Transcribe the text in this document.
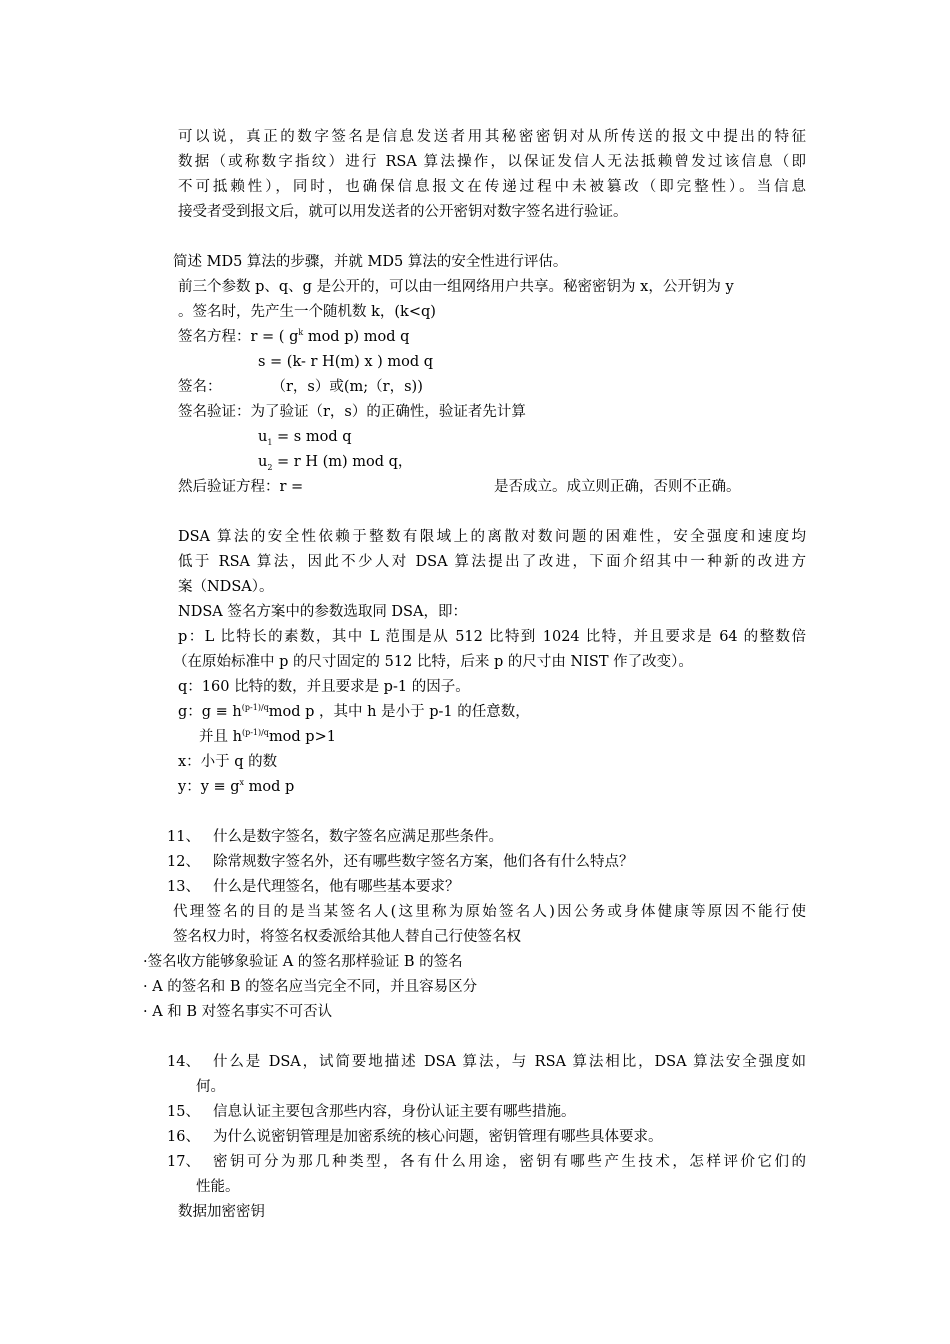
可以说，真正的数字签名是信息发送者用其秘密密钥对从所传送的报文中提出的特征
数据（或称数字指纹）进行 RSA 算法操作，以保证发信人无法抵赖曾发过该信息（即
不可抵赖性），同时，也确保信息报文在传递过程中未被篡改（即完整性）。当信息
接受者受到报文后，就可以用发送者的公开密钥对数字签名进行验证。
简述 MD5 算法的步骤，并就 MD5 算法的安全性进行评估。
前三个参数 p、q、g 是公开的，可以由一组网络用户共享。秘密密钥为 x，公开钥为 y
。签名时，先产生一个随机数 k，(k<q)
签名方程：r = ( $g^k$ mod p) mod q
s = (k- r H(m) x ) mod q
签名：	（r，s）或(m;（r，s))
签名验证：为了验证（r，s）的正确性，验证者先计算
$u_1 = s$ mod q
$u_2 = r$ H (m) mod q，
然后验证方程：r =	是否成立。成立则正确，否则不正确。
DSA 算法的安全性依赖于整数有限域上的离散对数问题的困难性，安全强度和速度均
低于 RSA 算法，因此不少人对 DSA 算法提出了改进，下面介绍其中一种新的改进方
案（NDSA）。
NDSA 签名方案中的参数选取同 DSA，即：
p：L 比特长的素数，其中 L 范围是从 512 比特到 1024 比特，并且要求是 64 的整数倍
（在原始标准中 p 的尺寸固定的 512 比特，后来 p 的尺寸由 NIST 作了改变）。
q：160 比特的数，并且要求是 p-1 的因子。
g：$g \equiv h^{(p-1)/q}mod$ p ，其中 h 是小于 p-1 的任意数，
并且 $h^{(p-1)/q}mod$ p>1
x：小于 q 的数
y：$y \equiv g^x$ mod p
11、 什么是数字签名，数字签名应满足那些条件。
12、 除常规数字签名外，还有哪些数字签名方案，他们各有什么特点？
13、 什么是代理签名，他有哪些基本要求？
代理签名的目的是当某签名人(这里称为原始签名人)因公务或身体健康等原因不能行使
签名权力时，将签名权委派给其他人替自己行使签名权
·签名收方能够象验证 A 的签名那样验证 B 的签名
· A 的签名和 B 的签名应当完全不同，并且容易区分
· A 和 B 对签名事实不可否认
14、 什么是 DSA，试简要地描述 DSA 算法，与 RSA 算法相比，DSA 算法安全强度如
何。
15、 信息认证主要包含那些内容，身份认证主要有哪些措施。
16、 为什么说密钥管理是加密系统的核心问题，密钥管理有哪些具体要求。
17、 密钥可分为那几种类型，各有什么用途，密钥有哪些产生技术，怎样评价它们的
性能。
数据加密密钥
